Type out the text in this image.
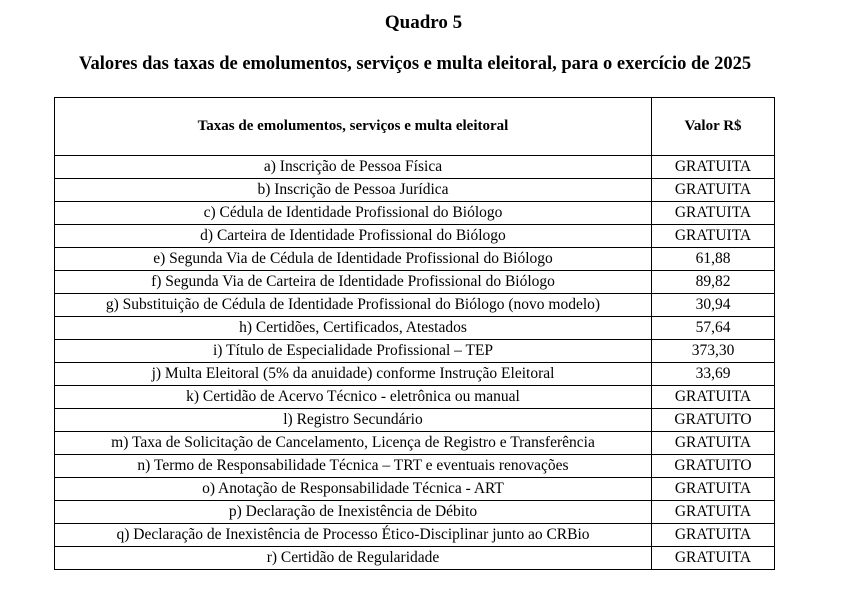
Quadro 5
Valores das taxas de emolumentos, serviços e multa eleitoral, para o exercício de 2025
Taxas de emolumentos, serviços e multa eleitoral	Valor R$
a) Inscrição de Pessoa Física	GRATUITA
b) Inscrição de Pessoa Jurídica	GRATUITA
c) Cédula de Identidade Profissional do Biólogo	GRATUITA
d) Carteira de Identidade Profissional do Biólogo	GRATUITA
e) Segunda Via de Cédula de Identidade Profissional do Biólogo	61,88
f) Segunda Via de Carteira de Identidade Profissional do Biólogo	89,82
g) Substituição de Cédula de Identidade Profissional do Biólogo (novo modelo)	30,94
h) Certidões, Certificados, Atestados	57,64
i) Título de Especialidade Profissional – TEP	373,30
j) Multa Eleitoral (5% da anuidade) conforme Instrução Eleitoral	33,69
k) Certidão de Acervo Técnico - eletrônica ou manual	GRATUITA
l) Registro Secundário	GRATUITO
m) Taxa de Solicitação de Cancelamento, Licença de Registro e Transferência	GRATUITA
n) Termo de Responsabilidade Técnica – TRT e eventuais renovações	GRATUITO
o) Anotação de Responsabilidade Técnica - ART	GRATUITA
p) Declaração de Inexistência de Débito	GRATUITA
q) Declaração de Inexistência de Processo Ético-Disciplinar junto ao CRBio	GRATUITA
r) Certidão de Regularidade	GRATUITA
